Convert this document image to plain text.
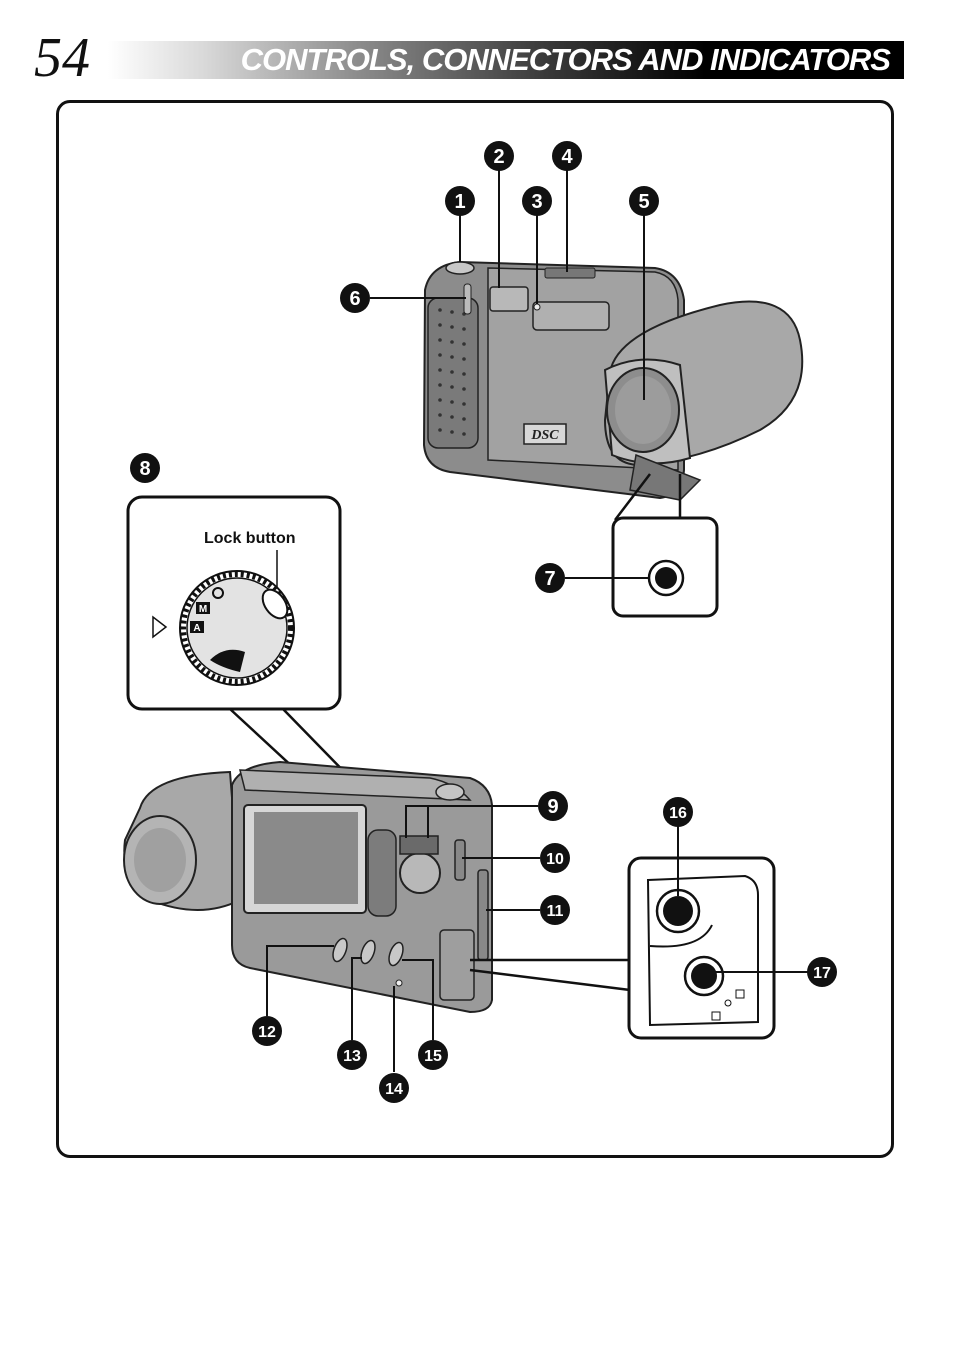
54	CONTROLS, CONNECTORS AND INDICATORS
DSC
Lock button
M
A
1
2
3
4
5
6
7
8
9
10
11
12
13
14
15
16
17
